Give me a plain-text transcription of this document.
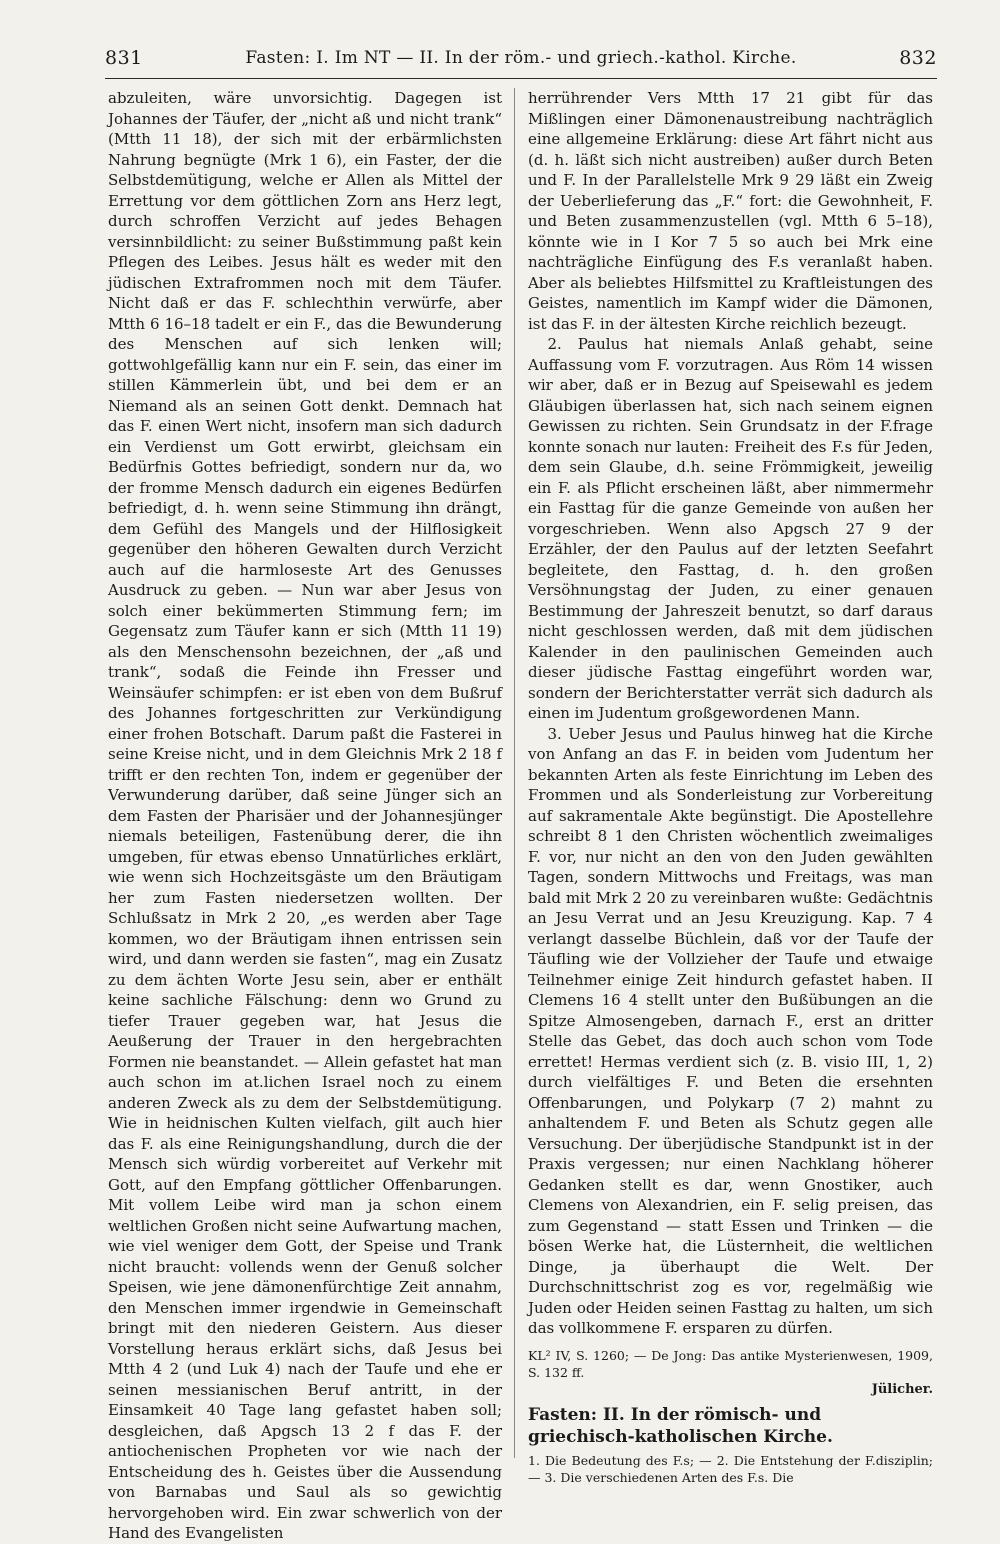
831	Fasten: I. Im NT — II. In der röm.- und griech.-kathol. Kirche.	832

abzuleiten, wäre unvorsichtig. Dagegen ist Johannes der Täufer, der „nicht aß und nicht trank“ (Mtth 11 18), der sich mit der erbärmlichsten Nahrung begnügte (Mrk 1 6), ein Faster, der die Selbstdemütigung, welche er Allen als Mittel der Errettung vor dem göttlichen Zorn ans Herz legt, durch schroffen Verzicht auf jedes Behagen versinnbildlicht: zu seiner Bußstimmung paßt kein Pflegen des Leibes. Jesus hält es weder mit den jüdischen Extrafrommen noch mit dem Täufer. Nicht daß er das F. schlechthin verwürfe, aber Mtth 6 16–18 tadelt er ein F., das die Bewunderung des Menschen auf sich lenken will; gottwohlgefällig kann nur ein F. sein, das einer im stillen Kämmerlein übt, und bei dem er an Niemand als an seinen Gott denkt. Demnach hat das F. einen Wert nicht, insofern man sich dadurch ein Verdienst um Gott erwirbt, gleichsam ein Bedürfnis Gottes befriedigt, sondern nur da, wo der fromme Mensch dadurch ein eigenes Bedürfen befriedigt, d. h. wenn seine Stimmung ihn drängt, dem Gefühl des Mangels und der Hilflosigkeit gegenüber den höheren Gewalten durch Verzicht auch auf die harmloseste Art des Genusses Ausdruck zu geben. — Nun war aber Jesus von solch einer bekümmerten Stimmung fern; im Gegensatz zum Täufer kann er sich (Mtth 11 19) als den Menschensohn bezeichnen, der „aß und trank“, sodaß die Feinde ihn Fresser und Weinsäufer schimpfen: er ist eben von dem Bußruf des Johannes fortgeschritten zur Verkündigung einer frohen Botschaft. Darum paßt die Fasterei in seine Kreise nicht, und in dem Gleichnis Mrk 2 18 f trifft er den rechten Ton, indem er gegenüber der Verwunderung darüber, daß seine Jünger sich an dem Fasten der Pharisäer und der Johannesjünger niemals beteiligen, Fastenübung derer, die ihn umgeben, für etwas ebenso Unnatürliches erklärt, wie wenn sich Hochzeitsgäste um den Bräutigam her zum Fasten niedersetzen wollten. Der Schlußsatz in Mrk 2 20, „es werden aber Tage kommen, wo der Bräutigam ihnen entrissen sein wird, und dann werden sie fasten“, mag ein Zusatz zu dem ächten Worte Jesu sein, aber er enthält keine sachliche Fälschung: denn wo Grund zu tiefer Trauer gegeben war, hat Jesus die Aeußerung der Trauer in den hergebrachten Formen nie beanstandet. — Allein gefastet hat man auch schon im at.lichen Israel noch zu einem anderen Zweck als zu dem der Selbstdemütigung. Wie in heidnischen Kulten vielfach, gilt auch hier das F. als eine Reinigungshandlung, durch die der Mensch sich würdig vorbereitet auf Verkehr mit Gott, auf den Empfang göttlicher Offenbarungen. Mit vollem Leibe wird man ja schon einem weltlichen Großen nicht seine Aufwartung machen, wie viel weniger dem Gott, der Speise und Trank nicht braucht: vollends wenn der Genuß solcher Speisen, wie jene dämonenfürchtige Zeit annahm, den Menschen immer irgendwie in Gemeinschaft bringt mit den niederen Geistern. Aus dieser Vorstellung heraus erklärt sichs, daß Jesus bei Mtth 4 2 (und Luk 4) nach der Taufe und ehe er seinen messianischen Beruf antritt, in der Einsamkeit 40 Tage lang gefastet haben soll; desgleichen, daß Apgsch 13 2 f das F. der antiochenischen Propheten vor wie nach der Entscheidung des h. Geistes über die Aussendung von Barnabas und Saul als so gewichtig hervorgehoben wird. Ein zwar schwerlich von der Hand des Evangelisten

herrührender Vers Mtth 17 21 gibt für das Mißlingen einer Dämonenaustreibung nachträglich eine allgemeine Erklärung: diese Art fährt nicht aus (d. h. läßt sich nicht austreiben) außer durch Beten und F. In der Parallelstelle Mrk 9 29 läßt ein Zweig der Ueberlieferung das „F.“ fort: die Gewohnheit, F. und Beten zusammenzustellen (vgl. Mtth 6 5–18), könnte wie in I Kor 7 5 so auch bei Mrk eine nachträgliche Einfügung des F.s veranlaßt haben. Aber als beliebtes Hilfsmittel zu Kraftleistungen des Geistes, namentlich im Kampf wider die Dämonen, ist das F. in der ältesten Kirche reichlich bezeugt.

2. Paulus hat niemals Anlaß gehabt, seine Auffassung vom F. vorzutragen. Aus Röm 14 wissen wir aber, daß er in Bezug auf Speisewahl es jedem Gläubigen überlassen hat, sich nach seinem eignen Gewissen zu richten. Sein Grundsatz in der F.frage konnte sonach nur lauten: Freiheit des F.s für Jeden, dem sein Glaube, d.h. seine Frömmigkeit, jeweilig ein F. als Pflicht erscheinen läßt, aber nimmermehr ein Fasttag für die ganze Gemeinde von außen her vorgeschrieben. Wenn also Apgsch 27 9 der Erzähler, der den Paulus auf der letzten Seefahrt begleitete, den Fasttag, d. h. den großen Versöhnungstag der Juden, zu einer genauen Bestimmung der Jahreszeit benutzt, so darf daraus nicht geschlossen werden, daß mit dem jüdischen Kalender in den paulinischen Gemeinden auch dieser jüdische Fasttag eingeführt worden war, sondern der Berichterstatter verrät sich dadurch als einen im Judentum großgewordenen Mann.

3. Ueber Jesus und Paulus hinweg hat die Kirche von Anfang an das F. in beiden vom Judentum her bekannten Arten als feste Einrichtung im Leben des Frommen und als Sonderleistung zur Vorbereitung auf sakramentale Akte begünstigt. Die Apostellehre schreibt 8 1 den Christen wöchentlich zweimaliges F. vor, nur nicht an den von den Juden gewählten Tagen, sondern Mittwochs und Freitags, was man bald mit Mrk 2 20 zu vereinbaren wußte: Gedächtnis an Jesu Verrat und an Jesu Kreuzigung. Kap. 7 4 verlangt dasselbe Büchlein, daß vor der Taufe der Täufling wie der Vollzieher der Taufe und etwaige Teilnehmer einige Zeit hindurch gefastet haben. II Clemens 16 4 stellt unter den Bußübungen an die Spitze Almosengeben, darnach F., erst an dritter Stelle das Gebet, das doch auch schon vom Tode errettet! Hermas verdient sich (z. B. visio III, 1, 2) durch vielfältiges F. und Beten die ersehnten Offenbarungen, und Polykarp (7 2) mahnt zu anhaltendem F. und Beten als Schutz gegen alle Versuchung. Der überjüdische Standpunkt ist in der Praxis vergessen; nur einen Nachklang höherer Gedanken stellt es dar, wenn Gnostiker, auch Clemens von Alexandrien, ein F. selig preisen, das zum Gegenstand — statt Essen und Trinken — die bösen Werke hat, die Lüsternheit, die weltlichen Dinge, ja überhaupt die Welt. Der Durchschnittschrist zog es vor, regelmäßig wie Juden oder Heiden seinen Fasttag zu halten, um sich das vollkommene F. ersparen zu dürfen.

KL² IV, S. 1260; — De Jong: Das antike Mysterienwesen, 1909, S. 132 ff.
Jülicher.
Fasten: II. In der römisch- und griechisch-katholischen Kirche.
1. Die Bedeutung des F.s; — 2. Die Entstehung der F.disziplin; — 3. Die verschiedenen Arten des F.s. Die
